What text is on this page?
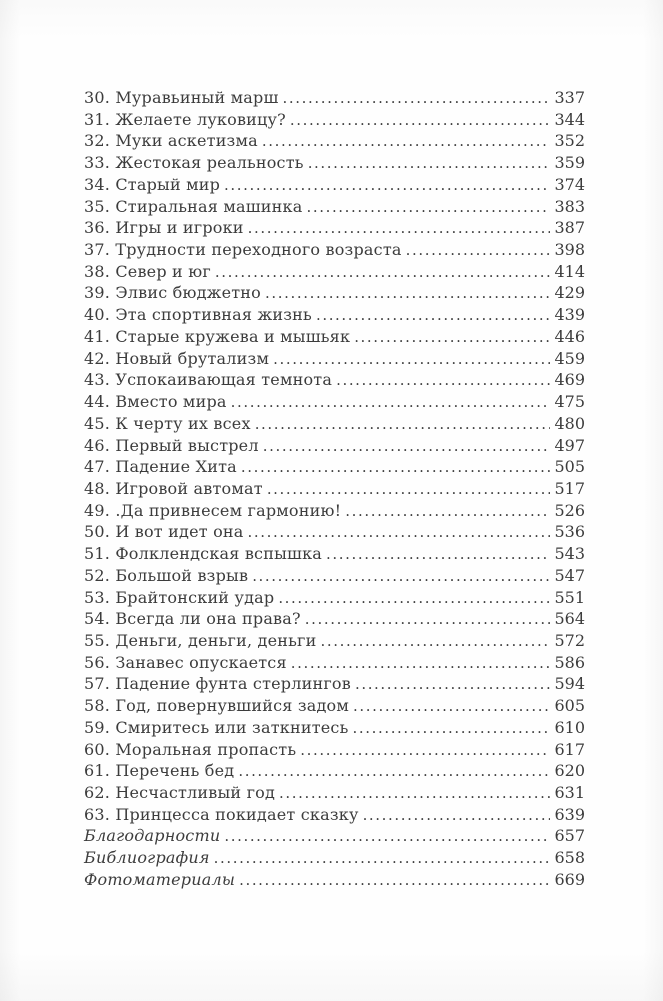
30. Муравьиный марш .....	337
31. Желаете луковицу? .....	344
32. Муки аскетизма .....	352
33. Жестокая реальность .....	359
34. Старый мир .....	374
35. Стиральная машинка .....	383
36. Игры и игроки .....	387
37. Трудности переходного возраста .....	398
38. Север и юг .....	414
39. Элвис бюджетно .....	429
40. Эта спортивная жизнь .....	439
41. Старые кружева и мышьяк .....	446
42. Новый брутализм .....	459
43. Успокаивающая темнота .....	469
44. Вместо мира .....	475
45. К черту их всех .....	480
46. Первый выстрел .....	497
47. Падение Хита .....	505
48. Игровой автомат .....	517
49. .Да привнесем гармонию! .....	526
50. И вот идет она .....	536
51. Фолклендская вспышка .....	543
52. Большой взрыв .....	547
53. Брайтонский удар .....	551
54. Всегда ли она права? .....	564
55. Деньги, деньги, деньги .....	572
56. Занавес опускается .....	586
57. Падение фунта стерлингов .....	594
58. Год, повернувшийся задом .....	605
59. Смиритесь или заткнитесь .....	610
60. Моральная пропасть .....	617
61. Перечень бед .....	620
62. Несчастливый год .....	631
63. Принцесса покидает сказку .....	639
Благодарности .....	657
Библиография .....	658
Фотоматериалы .....	669
